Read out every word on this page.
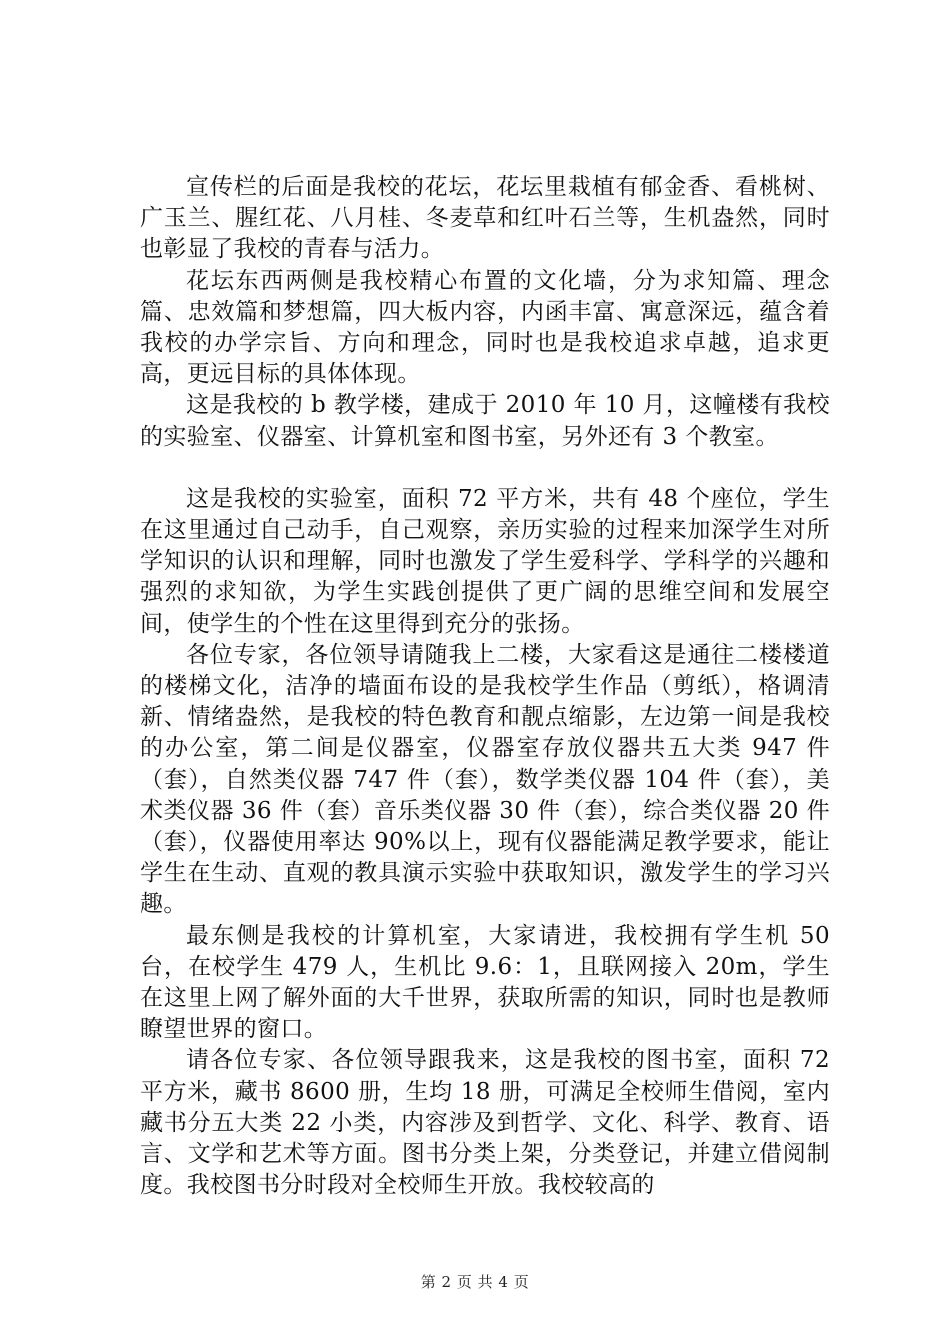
宣传栏的后面是我校的花坛，花坛里栽植有郁金香、看桃树、广玉兰、腥红花、八月桂、冬麦草和红叶石兰等，生机盎然，同时也彰显了我校的青春与活力。

花坛东西两侧是我校精心布置的文化墙，分为求知篇、理念篇、忠效篇和梦想篇，四大板内容，内函丰富、寓意深远，蕴含着我校的办学宗旨、方向和理念，同时也是我校追求卓越，追求更高，更远目标的具体体现。

这是我校的 b 教学楼，建成于 2010 年 10 月，这幢楼有我校的实验室、仪器室、计算机室和图书室，另外还有 3 个教室。

这是我校的实验室，面积 72 平方米，共有 48 个座位，学生在这里通过自己动手，自己观察，亲历实验的过程来加深学生对所学知识的认识和理解，同时也激发了学生爱科学、学科学的兴趣和强烈的求知欲，为学生实践创提供了更广阔的思维空间和发展空间，使学生的个性在这里得到充分的张扬。

各位专家，各位领导请随我上二楼，大家看这是通往二楼楼道的楼梯文化，洁净的墙面布设的是我校学生作品（剪纸），格调清新、情绪盎然，是我校的特色教育和靓点缩影，左边第一间是我校的办公室，第二间是仪器室，仪器室存放仪器共五大类 947 件（套），自然类仪器 747 件（套），数学类仪器 104 件（套），美术类仪器 36 件（套）音乐类仪器 30 件（套），综合类仪器 20 件（套），仪器使用率达 90%以上，现有仪器能满足教学要求，能让学生在生动、直观的教具演示实验中获取知识，激发学生的学习兴趣。

最东侧是我校的计算机室，大家请进，我校拥有学生机 50 台，在校学生 479 人，生机比 9.6：1，且联网接入 20m，学生在这里上网了解外面的大千世界，获取所需的知识，同时也是教师瞭望世界的窗口。

请各位专家、各位领导跟我来，这是我校的图书室，面积 72 平方米，藏书 8600 册，生均 18 册，可满足全校师生借阅，室内藏书分五大类 22 小类，内容涉及到哲学、文化、科学、教育、语言、文学和艺术等方面。图书分类上架，分类登记，并建立借阅制度。我校图书分时段对全校师生开放。我校较高的

第 2 页 共 4 页
